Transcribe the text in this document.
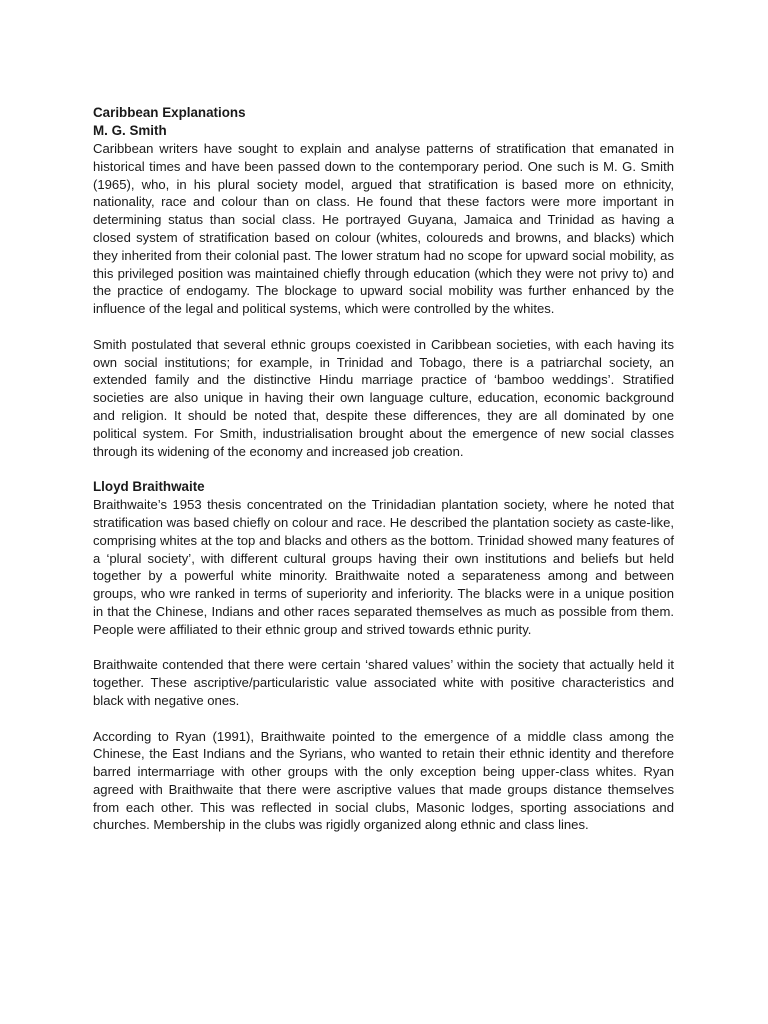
Caribbean Explanations

M. G. Smith

Caribbean writers have sought to explain and analyse patterns of stratification that emanated in historical times and have been passed down to the contemporary period. One such is M. G. Smith (1965), who, in his plural society model, argued that stratification is based more on ethnicity, nationality, race and colour than on class. He found that these factors were more important in determining status than social class. He portrayed Guyana, Jamaica and Trinidad as having a closed system of stratification based on colour (whites, coloureds and browns, and blacks) which they inherited from their colonial past. The lower stratum had no scope for upward social mobility, as this privileged position was maintained chiefly through education (which they were not privy to) and the practice of endogamy. The blockage to upward social mobility was further enhanced by the influence of the legal and political systems, which were controlled by the whites.

Smith postulated that several ethnic groups coexisted in Caribbean societies, with each having its own social institutions; for example, in Trinidad and Tobago, there is a patriarchal society, an extended family and the distinctive Hindu marriage practice of ‘bamboo weddings’. Stratified societies are also unique in having their own language culture, education, economic background and religion. It should be noted that, despite these differences, they are all dominated by one political system. For Smith, industrialisation brought about the emergence of new social classes through its widening of the economy and increased job creation.

Lloyd Braithwaite

Braithwaite’s 1953 thesis concentrated on the Trinidadian plantation society, where he noted that stratification was based chiefly on colour and race. He described the plantation society as caste-like, comprising whites at the top and blacks and others as the bottom. Trinidad showed many features of a ‘plural society’, with different cultural groups having their own institutions and beliefs but held together by a powerful white minority. Braithwaite noted a separateness among and between groups, who wre ranked in terms of superiority and inferiority. The blacks were in a unique position in that the Chinese, Indians and other races separated themselves as much as possible from them. People were affiliated to their ethnic group and strived towards ethnic purity.

Braithwaite contended that there were certain ‘shared values’ within the society that actually held it together. These ascriptive/particularistic value associated white with positive characteristics and black with negative ones.

According to Ryan (1991), Braithwaite pointed to the emergence of a middle class among the Chinese, the East Indians and the Syrians, who wanted to retain their ethnic identity and therefore barred intermarriage with other groups with the only exception being upper-class whites. Ryan agreed with Braithwaite that there were ascriptive values that made groups distance themselves from each other. This was reflected in social clubs, Masonic lodges, sporting associations and churches. Membership in the clubs was rigidly organized along ethnic and class lines.
